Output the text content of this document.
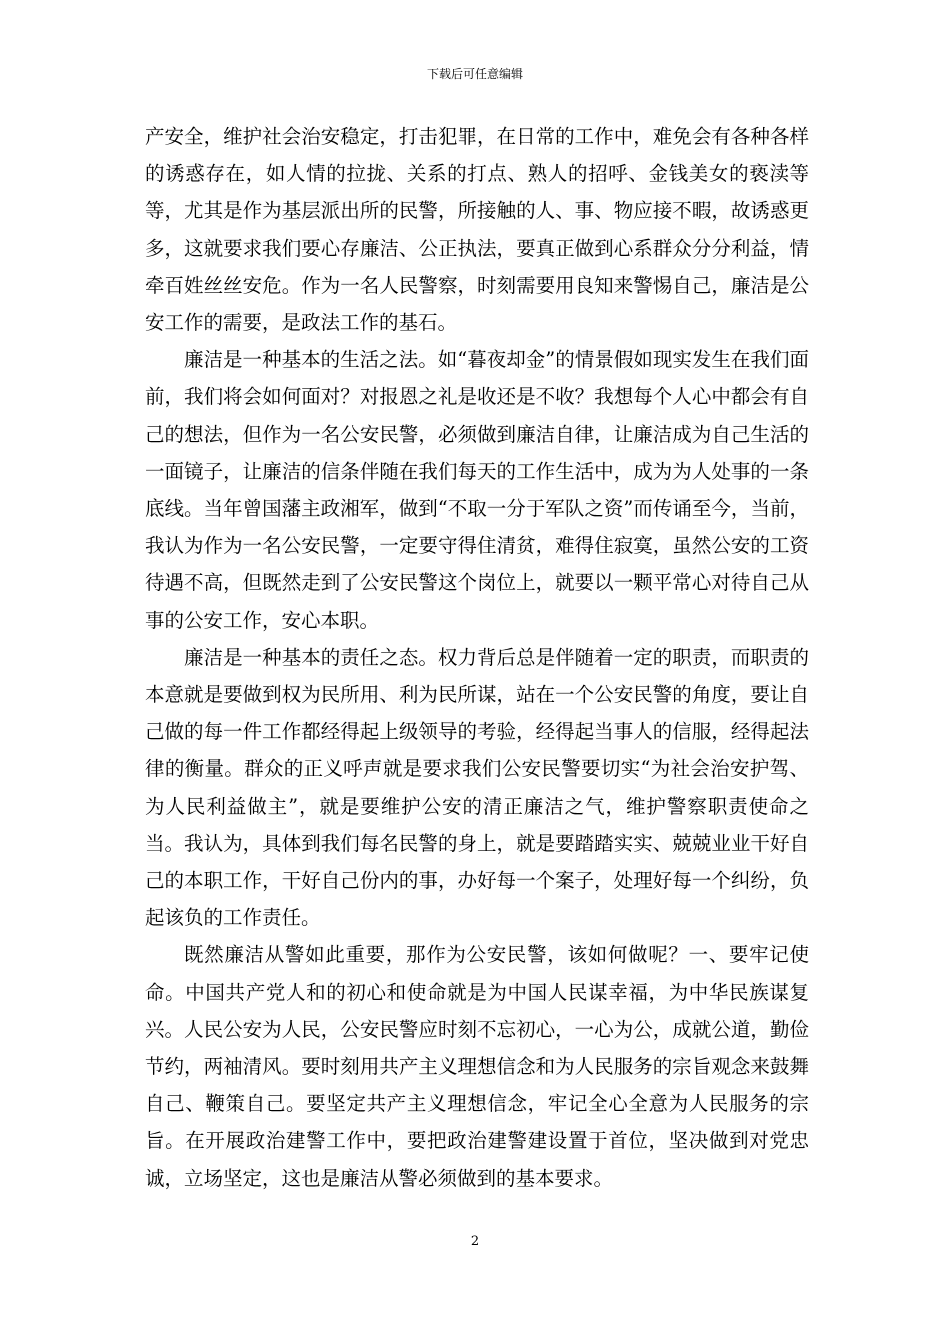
下载后可任意编辑

产安全，维护社会治安稳定，打击犯罪，在日常的工作中，难免会有各种各样的诱惑存在，如人情的拉拢、关系的打点、熟人的招呼、金钱美女的亵渎等等，尤其是作为基层派出所的民警，所接触的人、事、物应接不暇，故诱惑更多，这就要求我们要心存廉洁、公正执法，要真正做到心系群众分分利益，情牵百姓丝丝安危。作为一名人民警察，时刻需要用良知来警惕自己，廉洁是公安工作的需要，是政法工作的基石。

廉洁是一种基本的生活之法。如“暮夜却金”的情景假如现实发生在我们面前，我们将会如何面对？对报恩之礼是收还是不收？我想每个人心中都会有自己的想法，但作为一名公安民警，必须做到廉洁自律，让廉洁成为自己生活的一面镜子，让廉洁的信条伴随在我们每天的工作生活中，成为为人处事的一条底线。当年曾国藩主政湘军，做到“不取一分于军队之资”而传诵至今，当前，我认为作为一名公安民警，一定要守得住清贫，难得住寂寞，虽然公安的工资待遇不高，但既然走到了公安民警这个岗位上，就要以一颗平常心对待自己从事的公安工作，安心本职。

廉洁是一种基本的责任之态。权力背后总是伴随着一定的职责，而职责的本意就是要做到权为民所用、利为民所谋，站在一个公安民警的角度，要让自己做的每一件工作都经得起上级领导的考验，经得起当事人的信服，经得起法律的衡量。群众的正义呼声就是要求我们公安民警要切实“为社会治安护驾、为人民利益做主”，就是要维护公安的清正廉洁之气，维护警察职责使命之当。我认为，具体到我们每名民警的身上，就是要踏踏实实、兢兢业业干好自己的本职工作，干好自己份内的事，办好每一个案子，处理好每一个纠纷，负起该负的工作责任。

既然廉洁从警如此重要，那作为公安民警，该如何做呢？一、要牢记使命。中国共产党人和的初心和使命就是为中国人民谋幸福，为中华民族谋复兴。人民公安为人民，公安民警应时刻不忘初心，一心为公，成就公道，勤俭节约，两袖清风。要时刻用共产主义理想信念和为人民服务的宗旨观念来鼓舞自己、鞭策自己。要坚定共产主义理想信念，牢记全心全意为人民服务的宗旨。在开展政治建警工作中，要把政治建警建设置于首位，坚决做到对党忠诚，立场坚定，这也是廉洁从警必须做到的基本要求。

2
